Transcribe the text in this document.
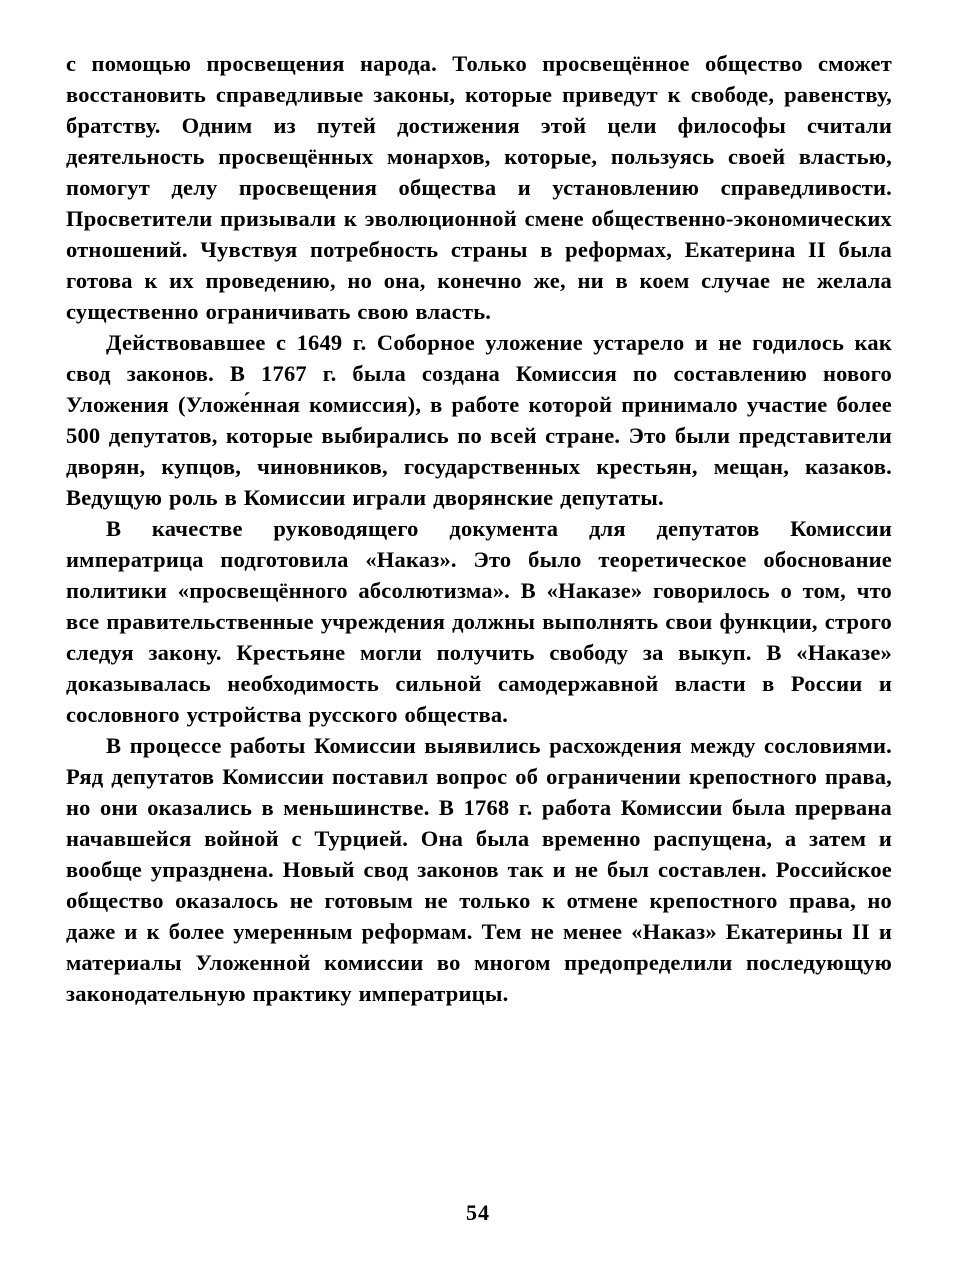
с помощью просвещения народа. Только просвещённое общество сможет восстановить справедливые законы, которые приведут к свободе, равенству, братству. Одним из путей достижения этой цели философы считали деятельность просвещённых монархов, которые, пользуясь своей властью, помогут делу просвещения общества и установлению справедливости. Просветители призывали к эволюционной смене общественно-экономических отношений. Чувствуя потребность страны в реформах, Екатерина II была готова к их проведению, но она, конечно же, ни в коем случае не желала существенно ограничивать свою власть.

Действовавшее с 1649 г. Соборное уложение устарело и не годилось как свод законов. В 1767 г. была создана Комиссия по составлению нового Уложения (Уложе́нная комиссия), в работе которой принимало участие более 500 депутатов, которые выбирались по всей стране. Это были представители дворян, купцов, чиновников, государственных крестьян, мещан, казаков. Ведущую роль в Комиссии играли дворянские депутаты.

В качестве руководящего документа для депутатов Комиссии императрица подготовила «Наказ». Это было теоретическое обоснование политики «просвещённого абсолютизма». В «Наказе» говорилось о том, что все правительственные учреждения должны выполнять свои функции, строго следуя закону. Крестьяне могли получить свободу за выкуп. В «Наказе» доказывалась необходимость сильной самодержавной власти в России и сословного устройства русского общества.

В процессе работы Комиссии выявились расхождения между сословиями. Ряд депутатов Комиссии поставил вопрос об ограничении крепостного права, но они оказались в меньшинстве. В 1768 г. работа Комиссии была прервана начавшейся войной с Турцией. Она была временно распущена, а затем и вообще упразднена. Новый свод законов так и не был составлен. Российское общество оказалось не готовым не только к отмене крепостного права, но даже и к более умеренным реформам. Тем не менее «Наказ» Екатерины II и материалы Уложенной комиссии во многом предопределили последующую законодательную практику императрицы.

54
